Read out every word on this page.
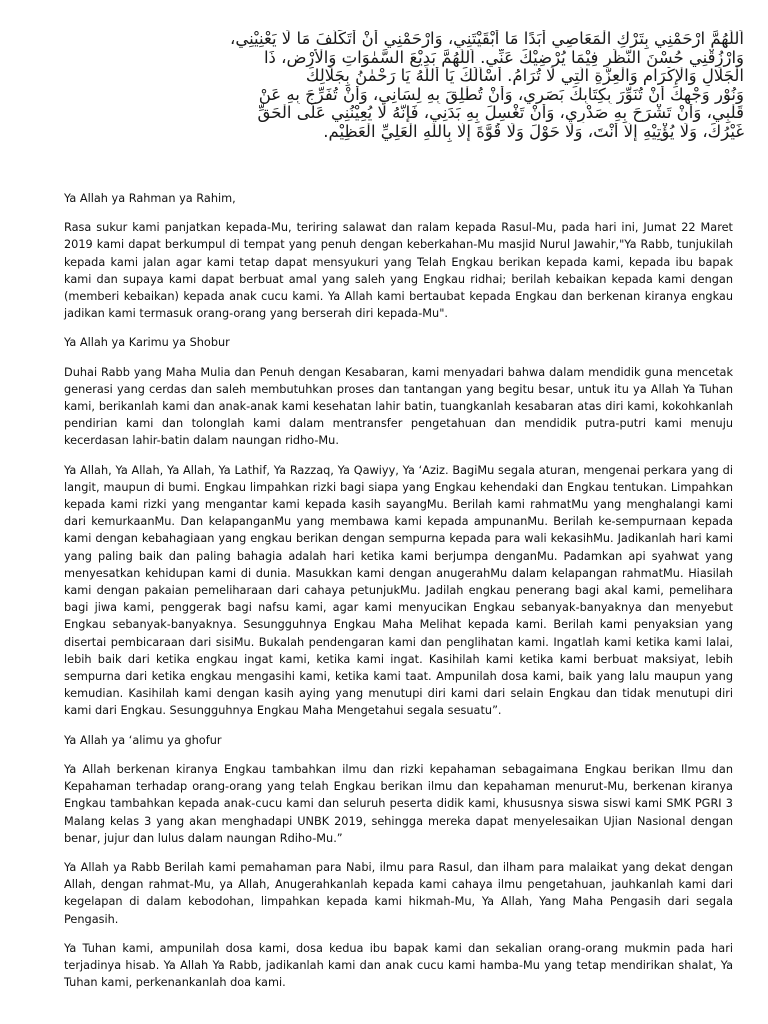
اَللّٰهُمَّ ارْحَمْنِي بِتَرْكِ الْمَعَاصِي أَبَدًا مَا أَبْقَيْتَنِي، وَارْحَمْنِي أَنْ أَتَكَلَّفَ مَا لَا يَعْنِيْنِي،
وَارْزُقْنِي حُسْنَ النَّظَرِ فِيْمَا يُرْضِيْكَ عَنِّي. اَللّٰهُمَّ بَدِيْعَ السَّمٰوَاتِ وَالْأَرْضِ، ذَا
الْجَلَالِ وَالْإِكْرَامِ وَالْعِزَّةِ الَّتِي لَا تُرَامُ. أَسْأَلُكَ يَا أَللّٰهُ يَا رَحْمٰنُ بِجَلَالِكَ
وَنُوْرِ وَجْهِكَ أَنْ تُنَوِّرَ بِكِتَابِكَ بَصَرِي، وَأَنْ تُطْلِقَ بِهِ لِسَانِي، وَأَنْ تُفَرِّجَ بِهِ عَنْ
قَلْبِي، وَأَنْ تَشْرَحَ بِهِ صَدْرِي، وَأَنْ تَغْسِلَ بِهِ بَدَنِي، فَإِنَّهُ لَا يُعِيْنُنِي عَلَى الْحَقِّ
غَيْرُكَ، وَلَا يُؤْتِيْهِ إِلَّا أَنْتَ، وَلَا حَوْلَ وَلَا قُوَّةَ إِلَّا بِاللّٰهِ الْعَلِيِّ الْعَظِيْمِ.

Ya Allah ya Rahman ya Rahim,

Rasa sukur kami panjatkan kepada-Mu, teriring salawat dan ralam kepada Rasul-Mu, pada hari ini, Jumat 22 Maret 2019 kami dapat berkumpul di tempat yang penuh dengan keberkahan-Mu masjid Nurul Jawahir,"Ya Rabb, tunjukilah kepada kami jalan agar kami tetap dapat mensyukuri yang Telah Engkau berikan kepada kami, kepada ibu bapak kami dan supaya kami dapat berbuat amal yang saleh yang Engkau ridhai; berilah kebaikan kepada kami dengan (memberi kebaikan) kepada anak cucu kami. Ya Allah kami bertaubat kepada Engkau dan berkenan kiranya engkau jadikan kami termasuk orang-orang yang berserah diri kepada-Mu".

Ya Allah ya Karimu ya Shobur

Duhai Rabb yang Maha Mulia dan Penuh dengan Kesabaran, kami menyadari bahwa dalam mendidik guna mencetak generasi yang cerdas dan saleh membutuhkan proses dan tantangan yang begitu besar, untuk itu ya Allah Ya Tuhan kami, berikanlah kami dan anak-anak kami kesehatan lahir batin, tuangkanlah kesabaran atas diri kami, kokohkanlah pendirian kami dan tolonglah kami dalam mentransfer pengetahuan dan mendidik putra-putri kami menuju kecerdasan lahir-batin dalam naungan ridho-Mu.

Ya Allah, Ya Allah, Ya Allah, Ya Lathif, Ya Razzaq, Ya Qawiyy, Ya ‘Aziz. BagiMu segala aturan, mengenai perkara yang di langit, maupun di bumi. Engkau limpahkan rizki bagi siapa yang Engkau kehendaki dan Engkau tentukan. Limpahkan kepada kami rizki yang mengantar kami kepada kasih sayangMu. Berilah kami rahmatMu yang menghalangi kami dari kemurkaanMu. Dan kelapanganMu yang membawa kami kepada ampunanMu. Berilah ke-sempurnaan kepada kami dengan kebahagiaan yang engkau berikan dengan sempurna kepada para wali kekasihMu. Jadikanlah hari kami yang paling baik dan paling bahagia adalah hari ketika kami berjumpa denganMu. Padamkan api syahwat yang menyesatkan kehidupan kami di dunia. Masukkan kami dengan anugerahMu dalam kelapangan rahmatMu. Hiasilah kami dengan pakaian pemeliharaan dari cahaya petunjukMu. Jadilah engkau penerang bagi akal kami, pemelihara bagi jiwa kami, penggerak bagi nafsu kami, agar kami menyucikan Engkau sebanyak-banyaknya dan menyebut Engkau sebanyak-banyaknya. Sesungguhnya Engkau Maha Melihat kepada kami. Berilah kami penyaksian yang disertai pembicaraan dari sisiMu. Bukalah pendengaran kami dan penglihatan kami. Ingatlah kami ketika kami lalai, lebih baik dari ketika engkau ingat kami, ketika kami ingat. Kasihilah kami ketika kami berbuat maksiyat, lebih sempurna dari ketika engkau mengasihi kami, ketika kami taat. Ampunilah dosa kami, baik yang lalu maupun yang kemudian. Kasihilah kami dengan kasih aying yang menutupi diri kami dari selain Engkau dan tidak menutupi diri kami dari Engkau. Sesungguhnya Engkau Maha Mengetahui segala sesuatu”.

Ya Allah ya ‘alimu ya ghofur

Ya Allah berkenan kiranya Engkau tambahkan ilmu dan rizki kepahaman sebagaimana Engkau berikan Ilmu dan Kepahaman terhadap orang-orang yang telah Engkau berikan ilmu dan kepahaman menurut-Mu, berkenan kiranya Engkau tambahkan kepada anak-cucu kami dan seluruh peserta didik kami, khususnya siswa siswi kami SMK PGRI 3 Malang kelas 3 yang akan menghadapi UNBK 2019, sehingga mereka dapat menyelesaikan Ujian Nasional dengan benar, jujur dan lulus dalam naungan Rdiho-Mu.”

Ya Allah ya Rabb Berilah kami pemahaman para Nabi, ilmu para Rasul, dan ilham para malaikat yang dekat dengan Allah, dengan rahmat-Mu, ya Allah, Anugerahkanlah kepada kami cahaya ilmu pengetahuan, jauhkanlah kami dari kegelapan di dalam kebodohan, limpahkan kepada kami hikmah-Mu, Ya Allah, Yang Maha Pengasih dari segala Pengasih.

Ya Tuhan kami, ampunilah dosa kami, dosa kedua ibu bapak kami dan sekalian orang-orang mukmin pada hari terjadinya hisab. Ya Allah Ya Rabb, jadikanlah kami dan anak cucu kami hamba-Mu yang tetap mendirikan shalat, Ya Tuhan kami, perkenankanlah doa kami.
